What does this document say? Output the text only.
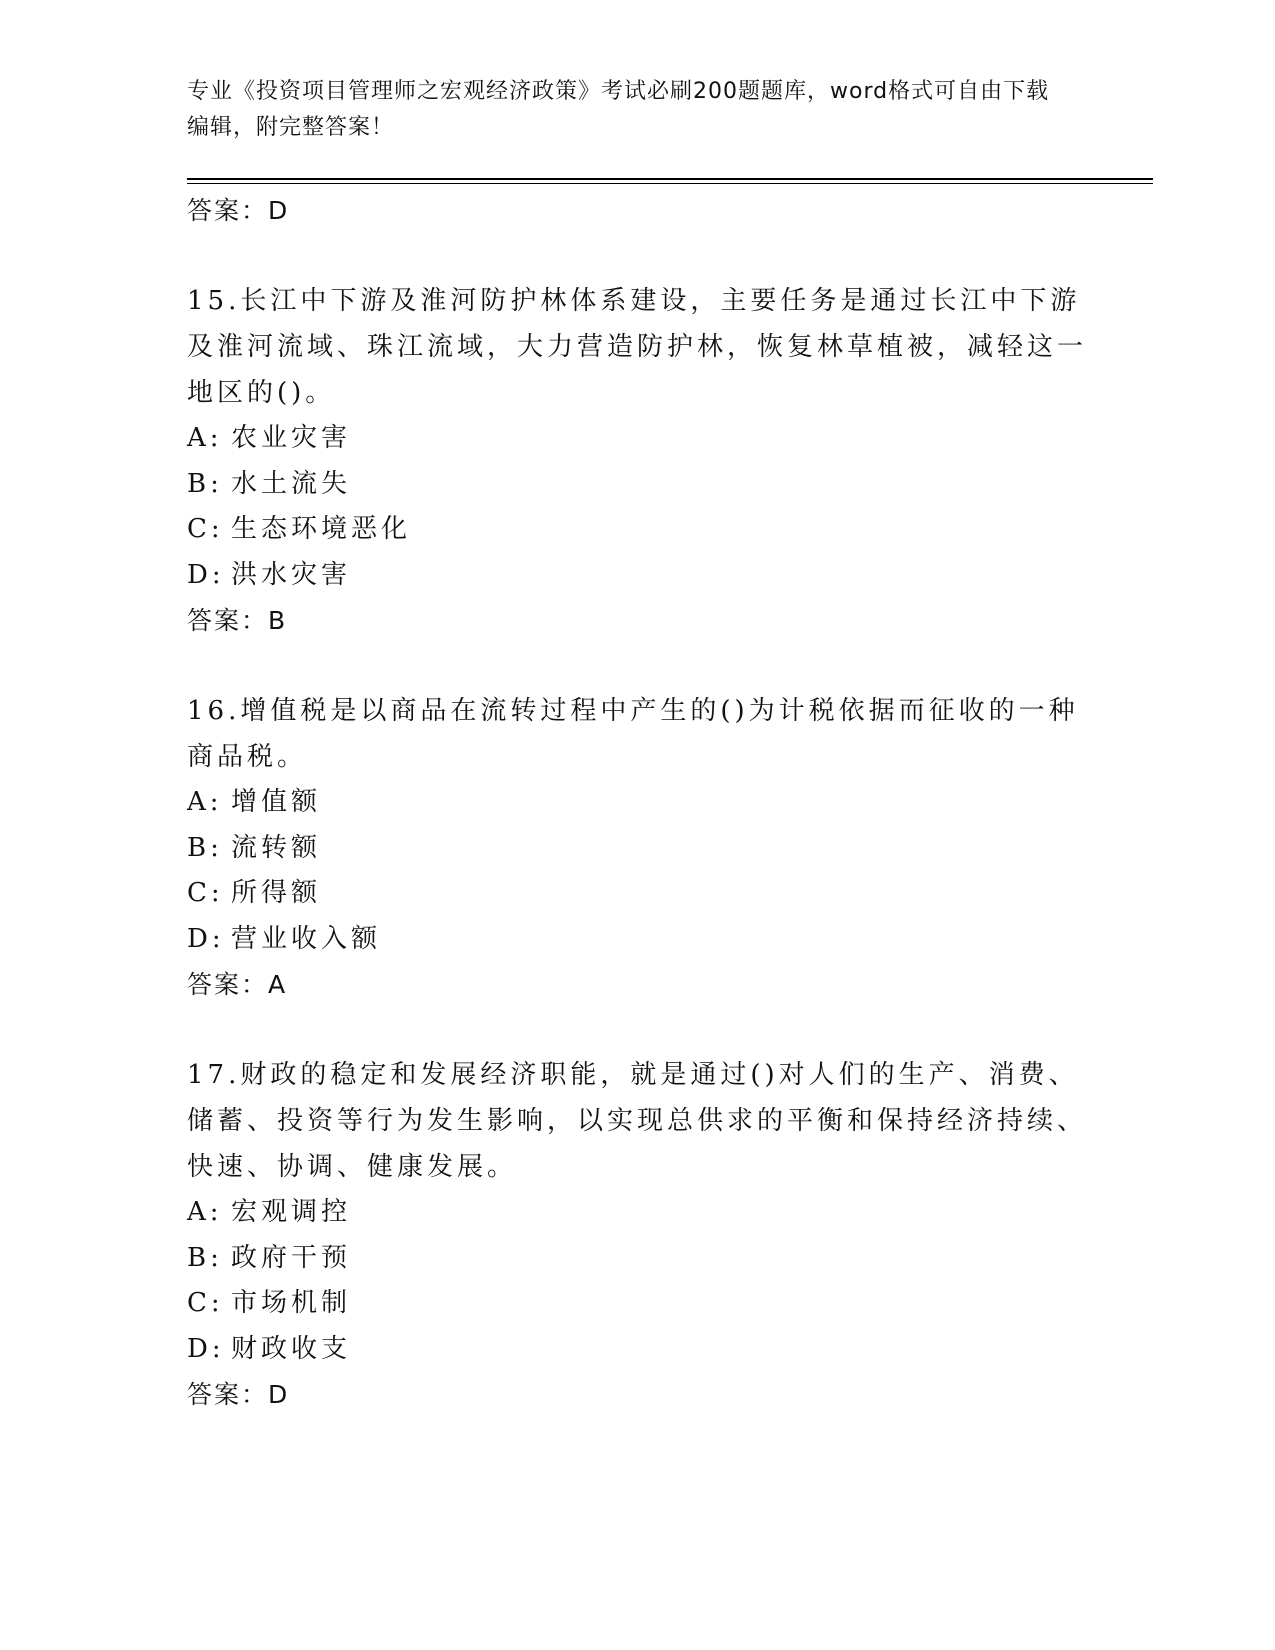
专业《投资项目管理师之宏观经济政策》考试必刷200题题库，word格式可自由下载编辑，附完整答案！
答案：D
15.长江中下游及淮河防护林体系建设，主要任务是通过长江中下游及淮河流域、珠江流域，大力营造防护林，恢复林草植被，减轻这一地区的()。
A: 农业灾害
B: 水土流失
C: 生态环境恶化
D: 洪水灾害
答案：B
16.增值税是以商品在流转过程中产生的()为计税依据而征收的一种商品税。
A: 增值额
B: 流转额
C: 所得额
D: 营业收入额
答案：A
17.财政的稳定和发展经济职能，就是通过()对人们的生产、消费、储蓄、投资等行为发生影响，以实现总供求的平衡和保持经济持续、快速、协调、健康发展。
A: 宏观调控
B: 政府干预
C: 市场机制
D: 财政收支
答案：D
